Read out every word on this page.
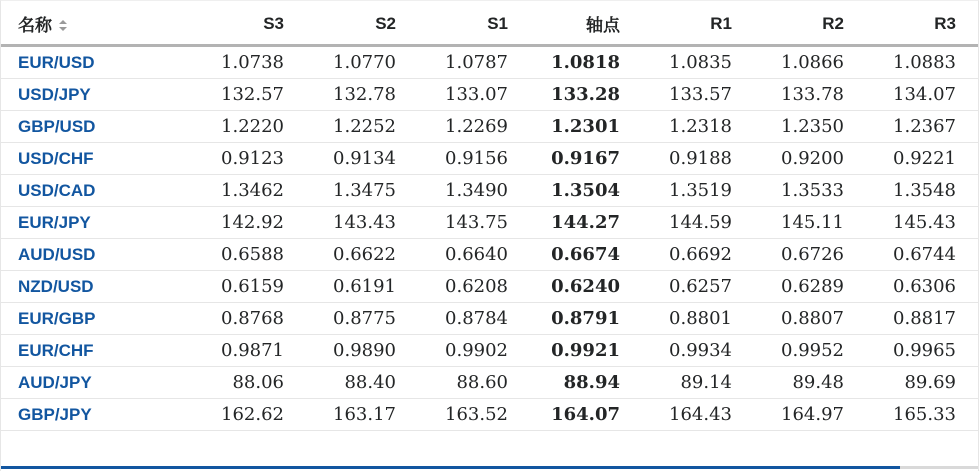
名称	S3	S2	S1	轴点	R1	R2	R3
EUR/USD	1.0738	1.0770	1.0787	1.0818	1.0835	1.0866	1.0883
USD/JPY	132.57	132.78	133.07	133.28	133.57	133.78	134.07
GBP/USD	1.2220	1.2252	1.2269	1.2301	1.2318	1.2350	1.2367
USD/CHF	0.9123	0.9134	0.9156	0.9167	0.9188	0.9200	0.9221
USD/CAD	1.3462	1.3475	1.3490	1.3504	1.3519	1.3533	1.3548
EUR/JPY	142.92	143.43	143.75	144.27	144.59	145.11	145.43
AUD/USD	0.6588	0.6622	0.6640	0.6674	0.6692	0.6726	0.6744
NZD/USD	0.6159	0.6191	0.6208	0.6240	0.6257	0.6289	0.6306
EUR/GBP	0.8768	0.8775	0.8784	0.8791	0.8801	0.8807	0.8817
EUR/CHF	0.9871	0.9890	0.9902	0.9921	0.9934	0.9952	0.9965
AUD/JPY	88.06	88.40	88.60	88.94	89.14	89.48	89.69
GBP/JPY	162.62	163.17	163.52	164.07	164.43	164.97	165.33
